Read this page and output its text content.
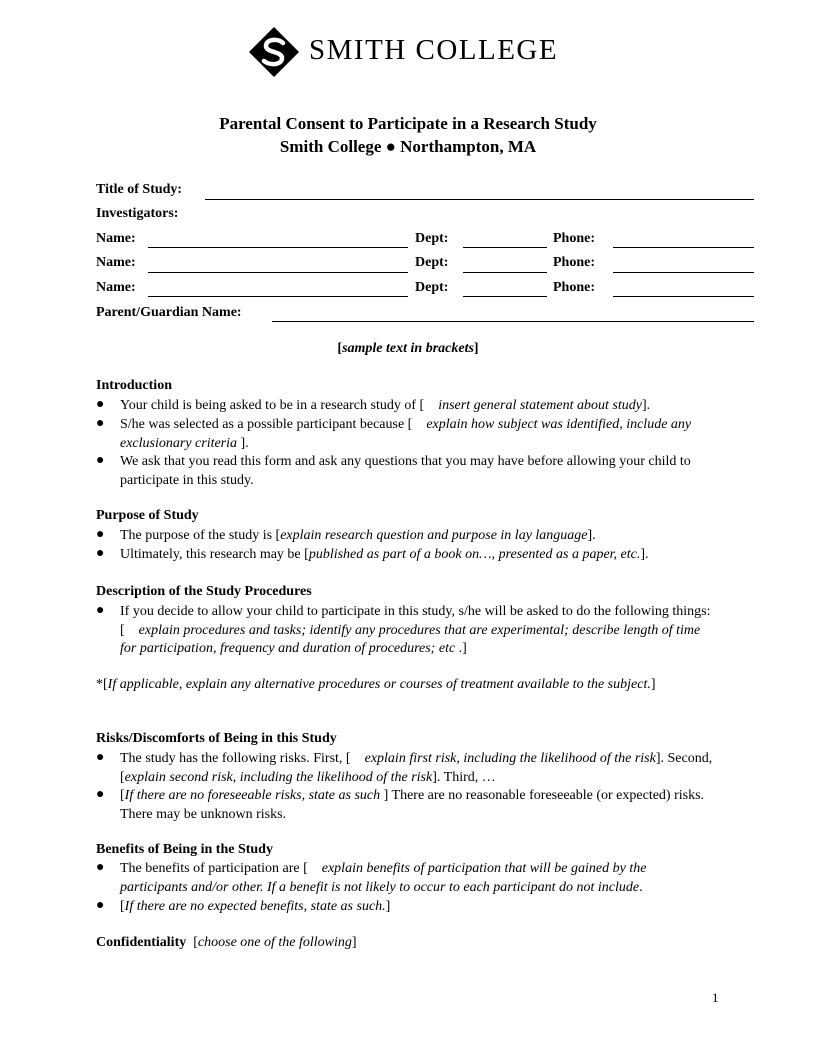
SMITH COLLEGE
Parental Consent to Participate in a Research Study
Smith College ● Northampton, MA
Title of Study:
Investigators:
Name:	Dept:	Phone:
Name:	Dept:	Phone:
Name:	Dept:	Phone:
Parent/Guardian Name:
[sample text in brackets]
Introduction
●	Your child is being asked to be in a research study of [ insert general statement about study].
●	S/he was selected as a possible participant because [ explain how subject was identified, include any exclusionary criteria ].
●	We ask that you read this form and ask any questions that you may have before allowing your child to participate in this study.
Purpose of Study
●	The purpose of the study is [explain research question and purpose in lay language].
●	Ultimately, this research may be [published as part of a book on…, presented as a paper, etc.].
Description of the Study Procedures
●	If you decide to allow your child to participate in this study, s/he will be asked to do the following things: [ explain procedures and tasks; identify any procedures that are experimental; describe length of time for participation, frequency and duration of procedures; etc .]
*[If applicable, explain any alternative procedures or courses of treatment available to the subject.]
Risks/Discomforts of Being in this Study
●	The study has the following risks. First, [ explain first risk, including the likelihood of the risk]. Second, [explain second risk, including the likelihood of the risk]. Third, …
●	[If there are no foreseeable risks, state as such ] There are no reasonable foreseeable (or expected) risks. There may be unknown risks.
Benefits of Being in the Study
●	The benefits of participation are [ explain benefits of participation that will be gained by the participants and/or other. If a benefit is not likely to occur to each participant do not include.
●	[If there are no expected benefits, state as such.]
Confidentiality [choose one of the following]
1
